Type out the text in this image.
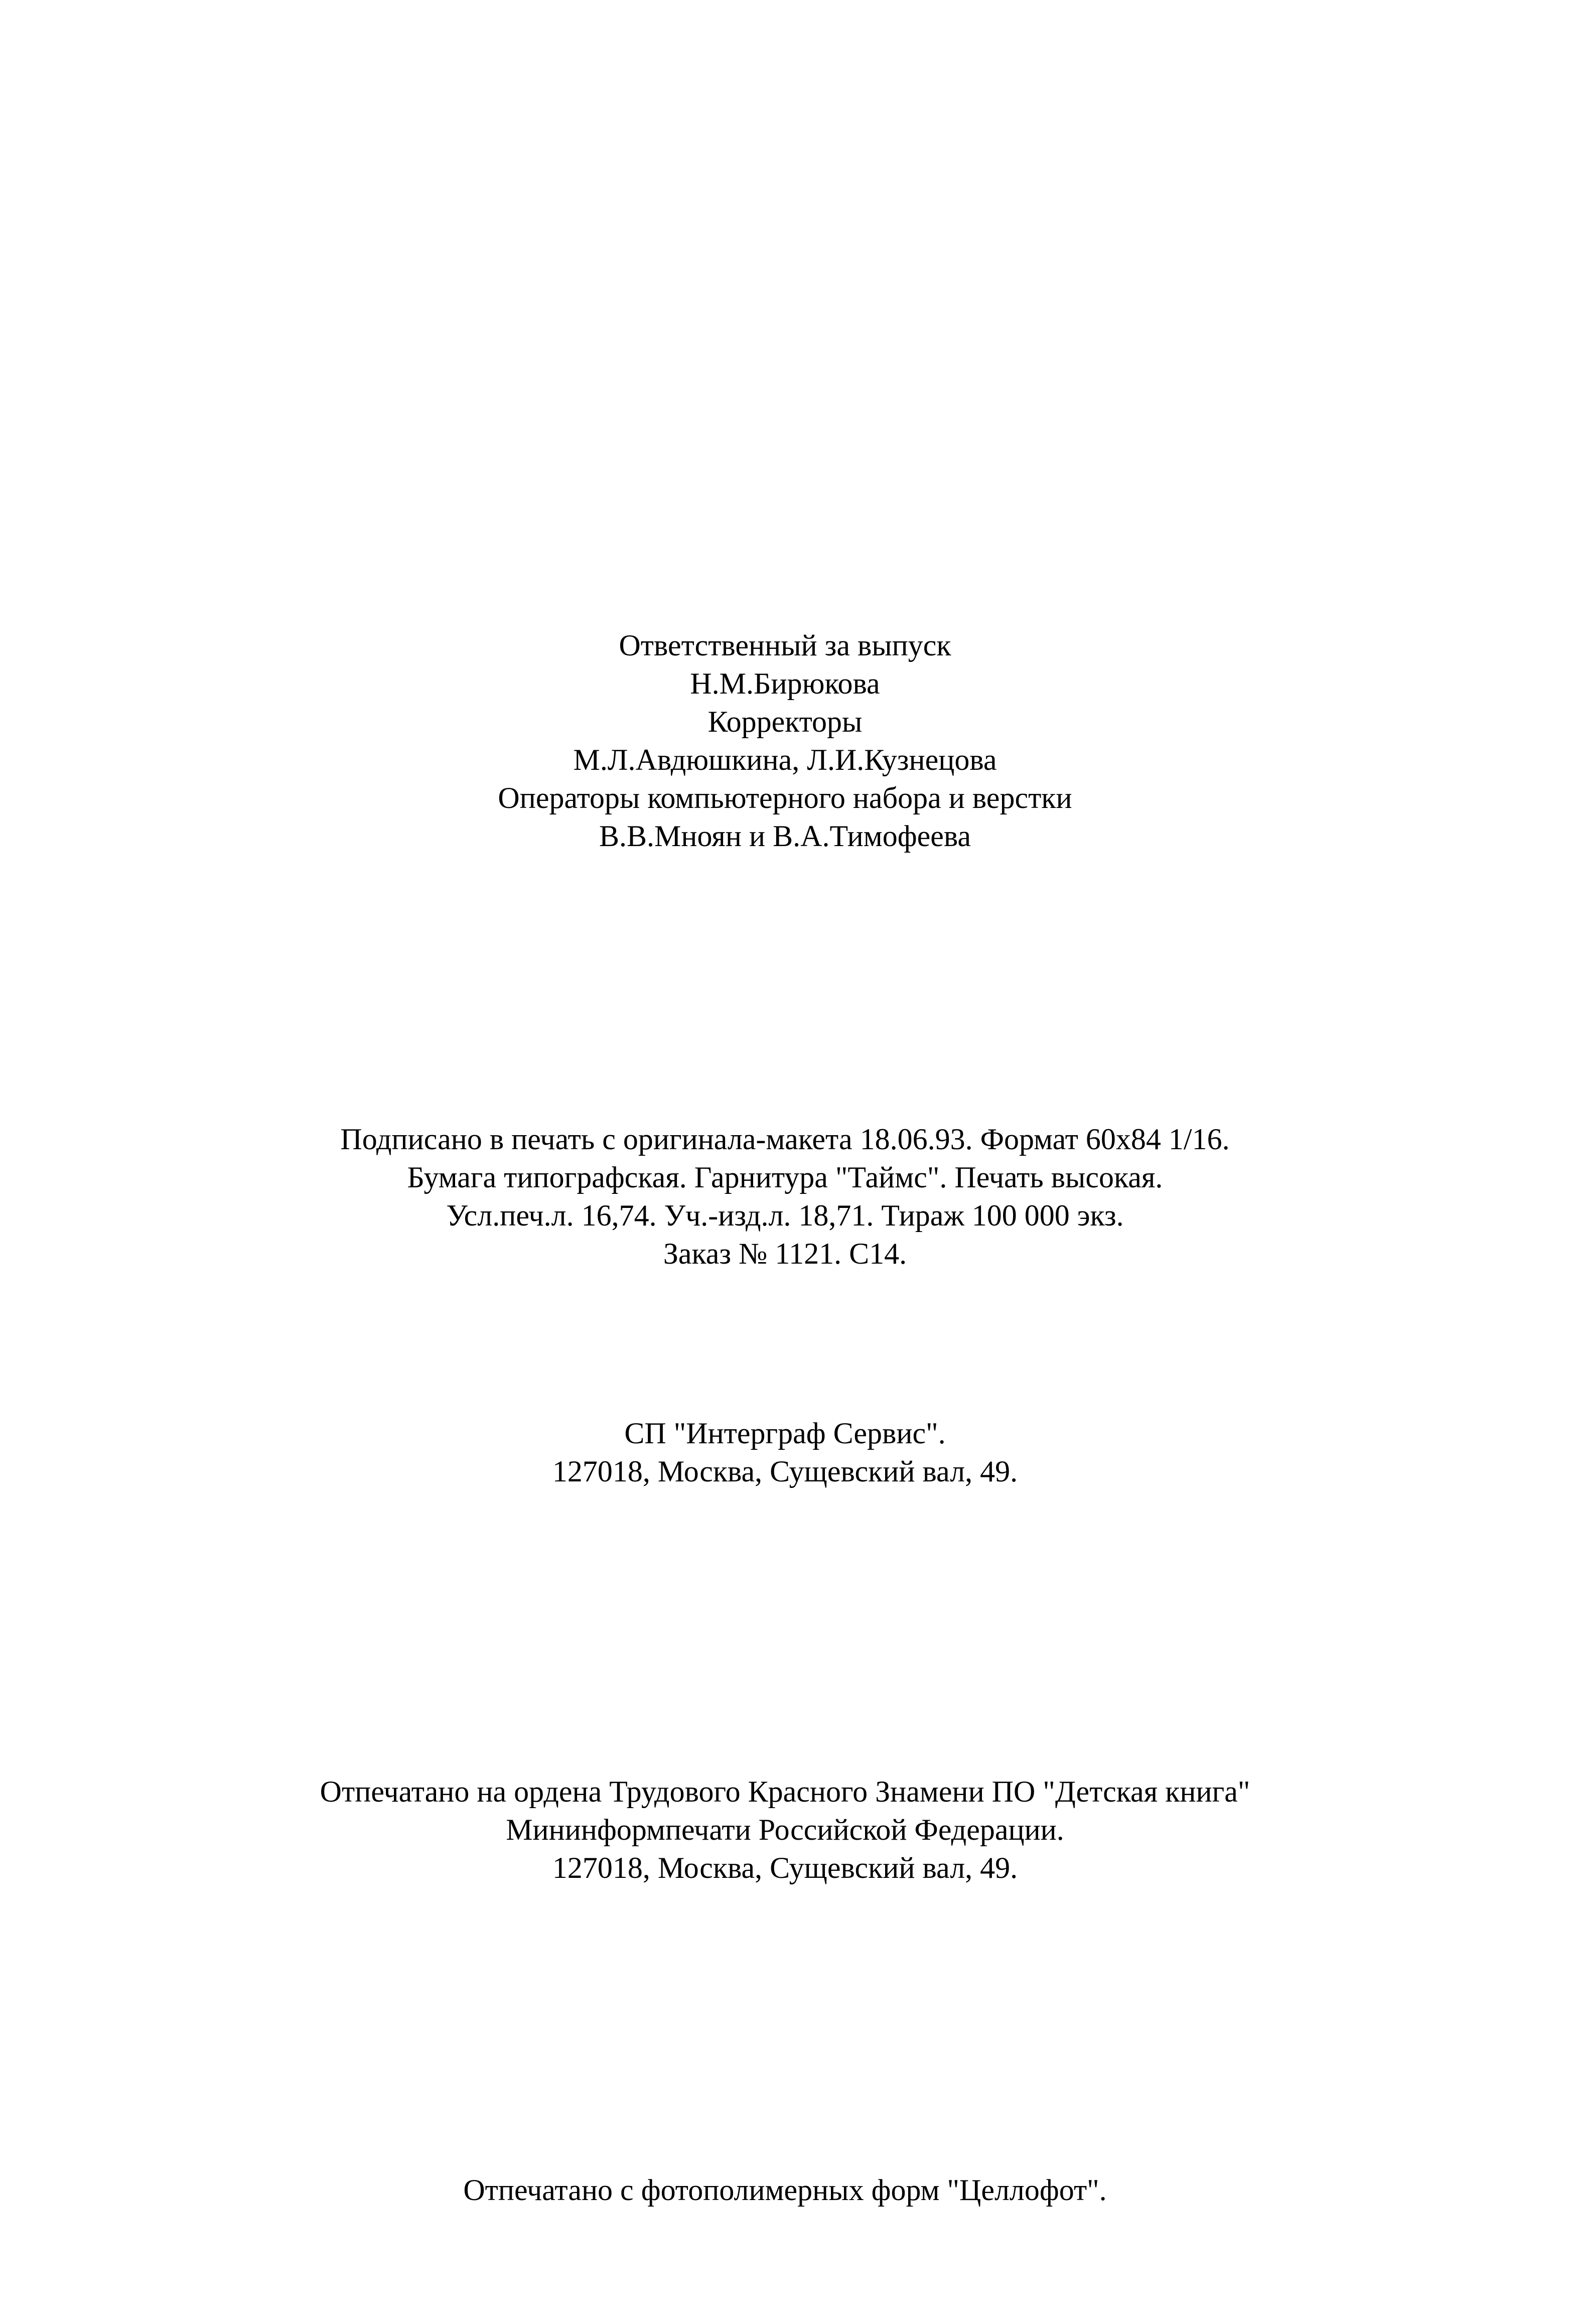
Ответственный за выпуск
Н.М.Бирюкова
Корректоры
М.Л.Авдюшкина, Л.И.Кузнецова
Операторы компьютерного набора и верстки
В.В.Мноян и В.А.Тимофеева
Подписано в печать с оригинала-макета 18.06.93. Формат 60x84 1/16.
Бумага типографская. Гарнитура "Таймс". Печать высокая.
Усл.печ.л. 16,74. Уч.-изд.л. 18,71. Тираж 100 000 экз.
Заказ № 1121. С14.
СП "Интерграф Сервис".
127018, Москва, Сущевский вал, 49.
Отпечатано на ордена Трудового Красного Знамени ПО "Детская книга"
Мининформпечати Российской Федерации.
127018, Москва, Сущевский вал, 49.
Отпечатано с фотополимерных форм "Целлофот".
